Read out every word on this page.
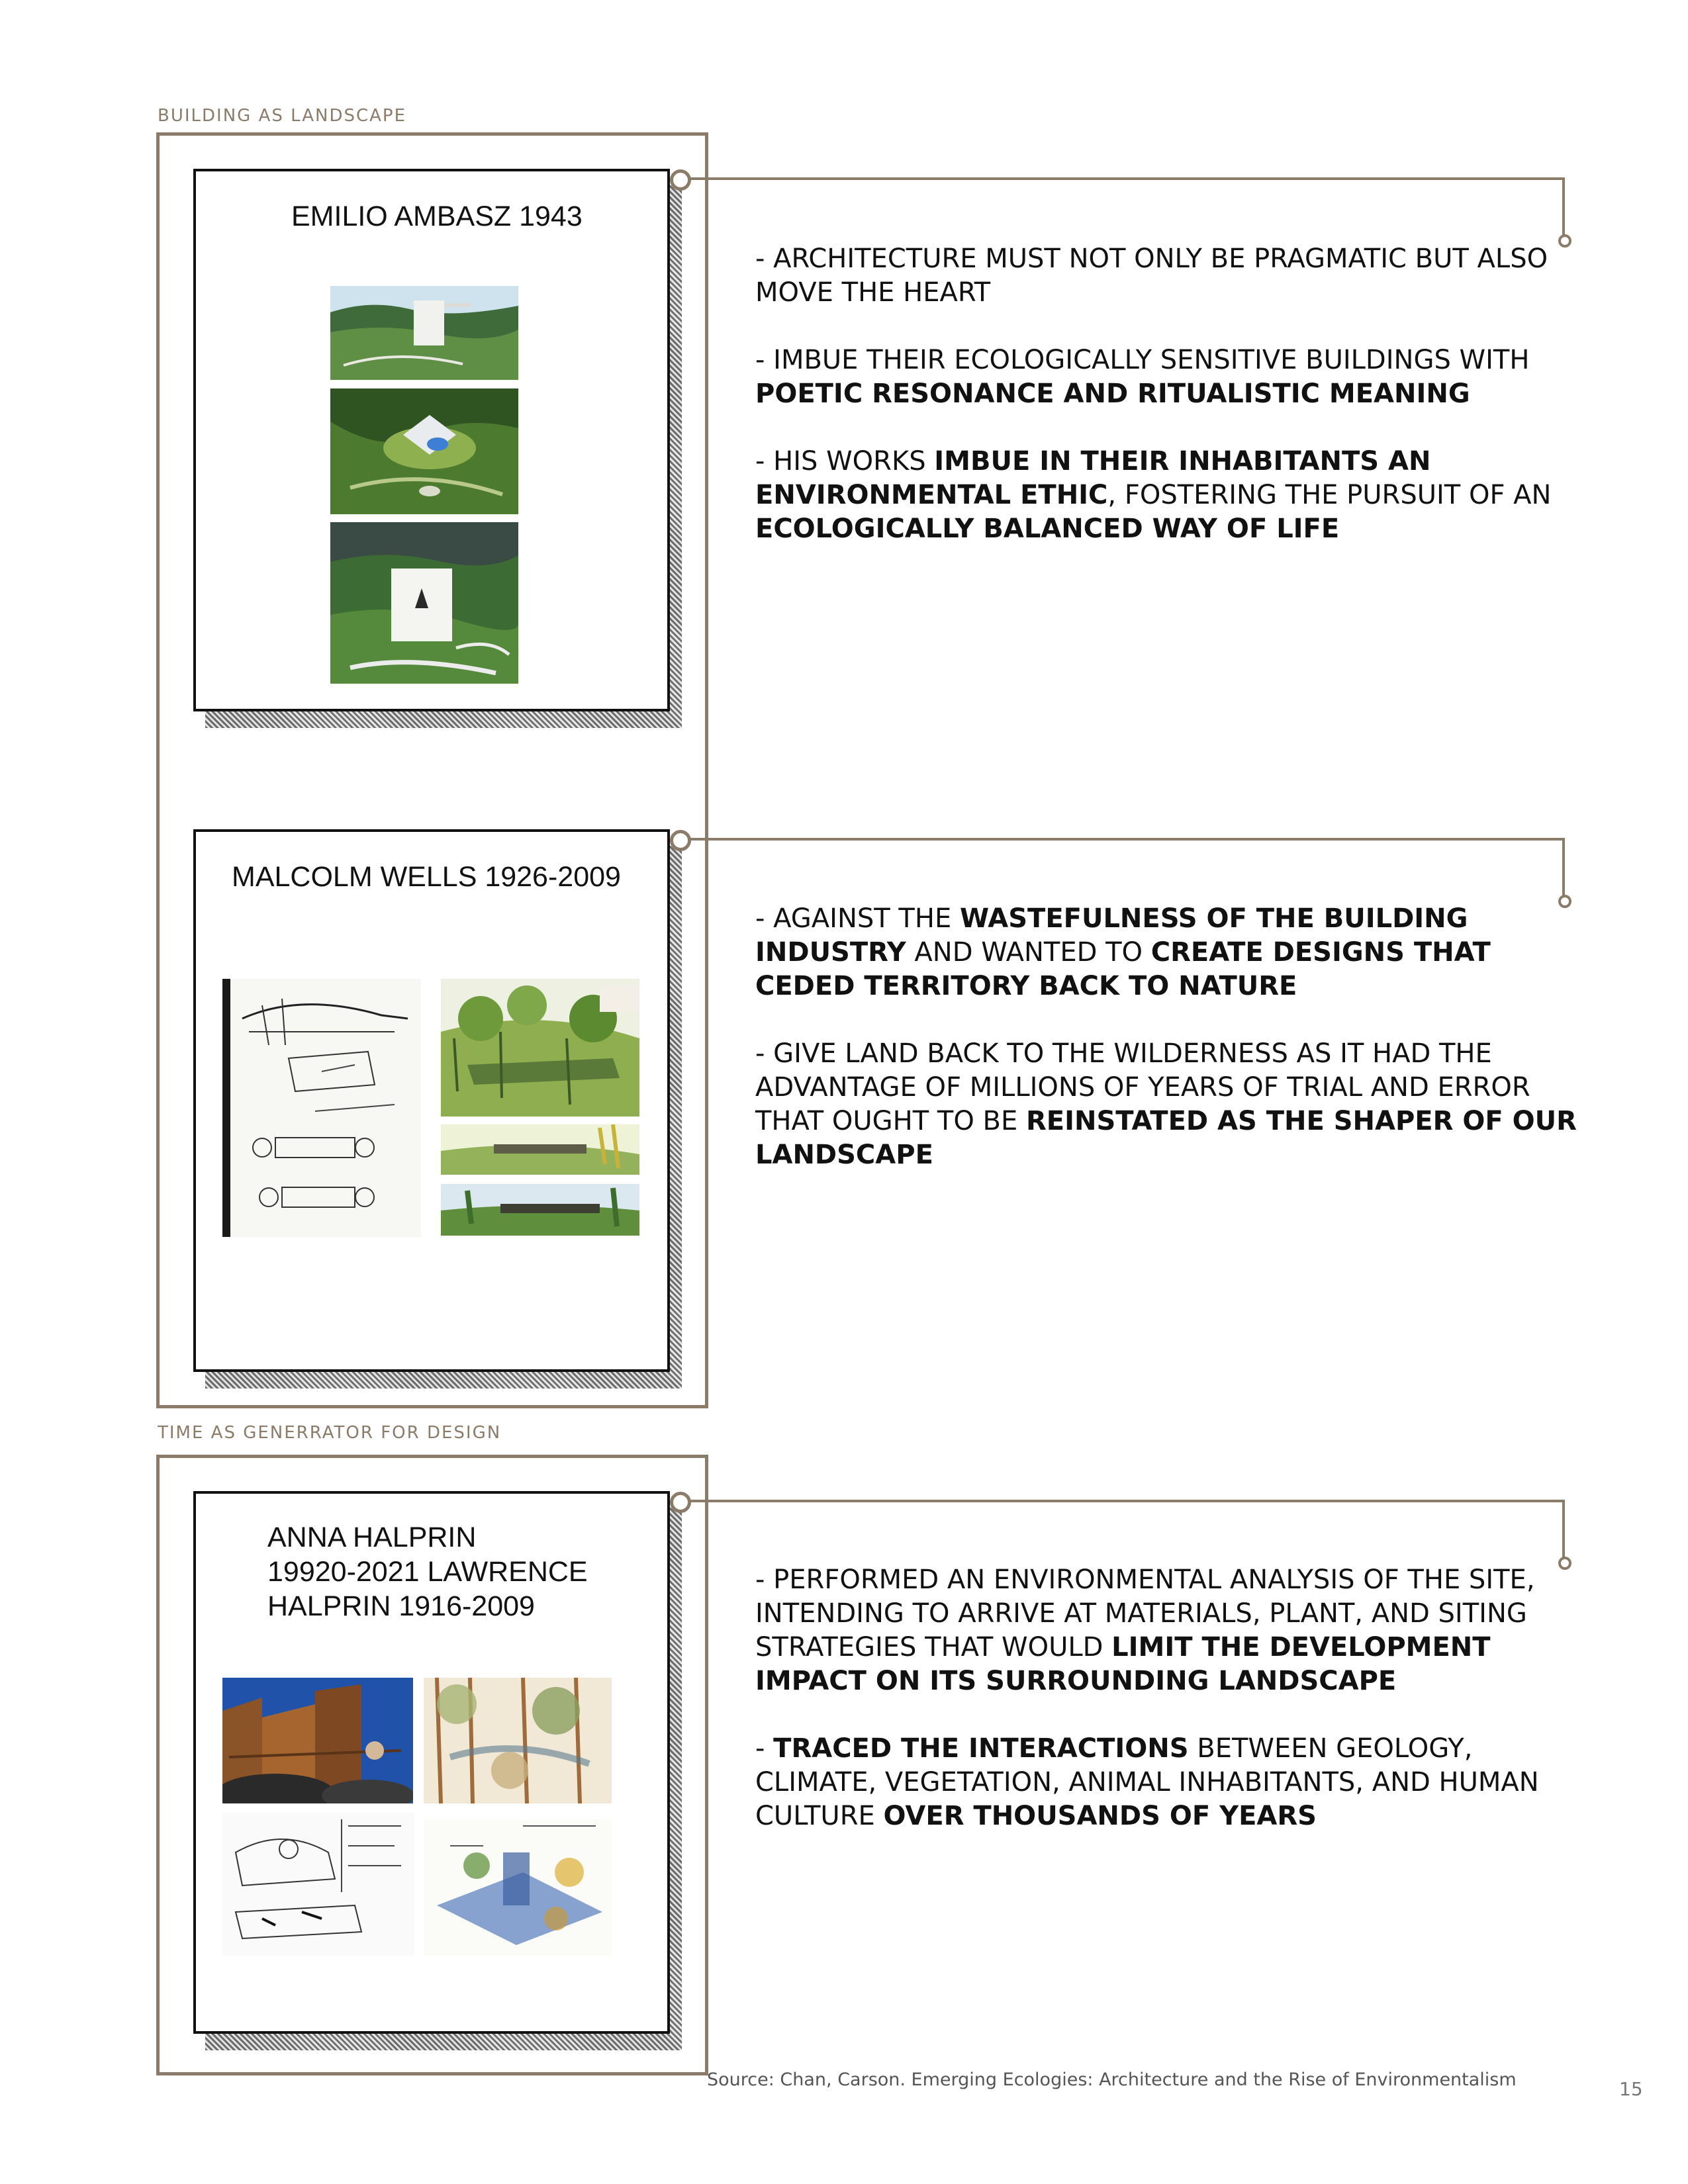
BUILDING AS LANDSCAPE
TIME AS GENERRATOR FOR DESIGN
EMILIO AMBASZ 1943

- ARCHITECTURE MUST NOT ONLY BE PRAGMATIC BUT ALSO MOVE THE HEART

- IMBUE THEIR ECOLOGICALLY SENSITIVE BUILDINGS WITH POETIC RESONANCE AND RITUALISTIC MEANING

- HIS WORKS IMBUE IN THEIR INHABITANTS AN ENVIRONMENTAL ETHIC, FOSTERING THE PURSUIT OF AN ECOLOGICALLY BALANCED WAY OF LIFE

MALCOLM WELLS 1926-2009

- AGAINST THE WASTEFULNESS OF THE BUILDING INDUSTRY AND WANTED TO CREATE DESIGNS THAT CEDED TERRITORY BACK TO NATURE

- GIVE LAND BACK TO THE WILDERNESS AS IT HAD THE ADVANTAGE OF MILLIONS OF YEARS OF TRIAL AND ERROR THAT OUGHT TO BE REINSTATED AS THE SHAPER OF OUR LANDSCAPE

ANNA HALPRIN
19920-2021 LAWRENCE
HALPRIN 1916-2009

- PERFORMED AN ENVIRONMENTAL ANALYSIS OF THE SITE, INTENDING TO ARRIVE AT MATERIALS, PLANT, AND SITING STRATEGIES THAT WOULD LIMIT THE DEVELOPMENT IMPACT ON ITS SURROUNDING LANDSCAPE

- TRACED THE INTERACTIONS BETWEEN GEOLOGY, CLIMATE, VEGETATION, ANIMAL INHABITANTS, AND HUMAN CULTURE OVER THOUSANDS OF YEARS

Source: Chan, Carson. Emerging Ecologies: Architecture and the Rise of Environmentalism	15
